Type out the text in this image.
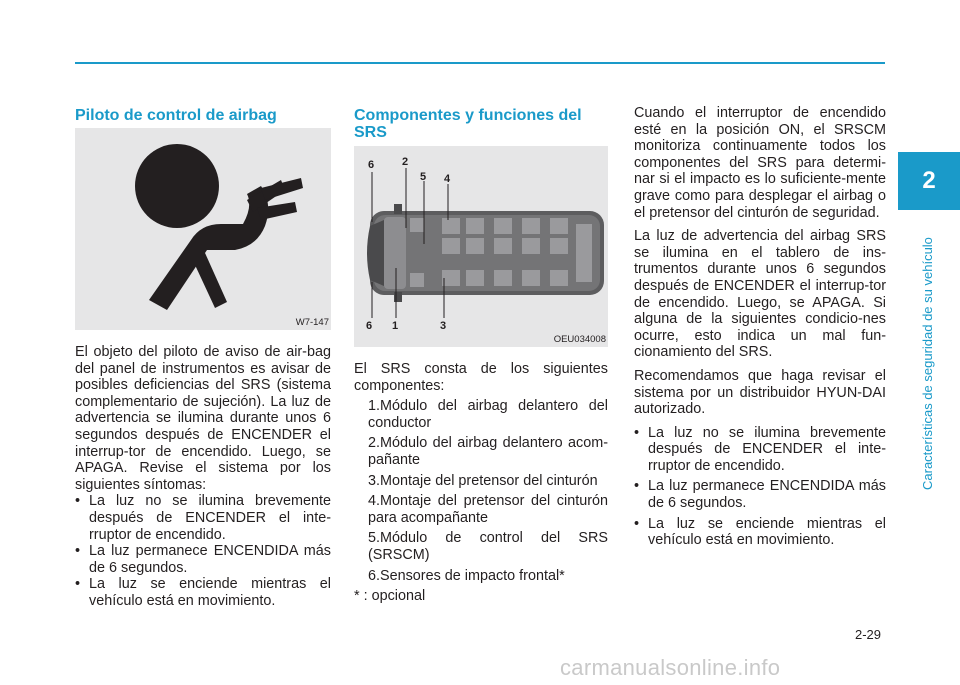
2
Características de seguridad de su vehículo
Piloto de control de airbag
W7-147

El objeto del piloto de aviso de air-bag del panel de instrumentos es avisar de posibles deficiencias del SRS (sistema complementario de sujeción). La luz de advertencia se ilumina durante unos 6 segundos después de ENCENDER el interrup-tor de encendido. Luego, se APAGA. Revise el sistema por los siguientes síntomas:

• La luz no se ilumina brevemente después de ENCENDER el inte-rruptor de encendido.
• La luz permanece ENCENDIDA más de 6 segundos.
• La luz se enciende mientras el vehículo está en movimiento.
Componentes y funciones del SRS
6	2
5 4
6 1	3
OEU034008

El SRS consta de los siguientes componentes:

1.Módulo del airbag delantero del conductor
2.Módulo del airbag delantero acom-pañante
3.Montaje del pretensor del cinturón
4.Montaje del pretensor del cinturón para acompañante
5.Módulo de control del SRS (SRSCM)
6.Sensores de impacto frontal*

* : opcional

Cuando el interruptor de encendido esté en la posición ON, el SRSCM monitoriza continuamente todos los componentes del SRS para determi-nar si el impacto es lo suficiente-mente grave como para desplegar el airbag o el pretensor del cinturón de seguridad.

La luz de advertencia del airbag SRS se ilumina en el tablero de ins-trumentos durante unos 6 segundos después de ENCENDER el interrup-tor de encendido. Luego, se APAGA. Si alguna de la siguientes condicio-nes ocurre, esto indica un mal fun-cionamiento del SRS.

Recomendamos que haga revisar el sistema por un distribuidor HYUN-DAI autorizado.

• La luz no se ilumina brevemente después de ENCENDER el inte-rruptor de encendido.
• La luz permanece ENCENDIDA más de 6 segundos.
• La luz se enciende mientras el vehículo está en movimiento.
2-29
carmanualsonline.info
